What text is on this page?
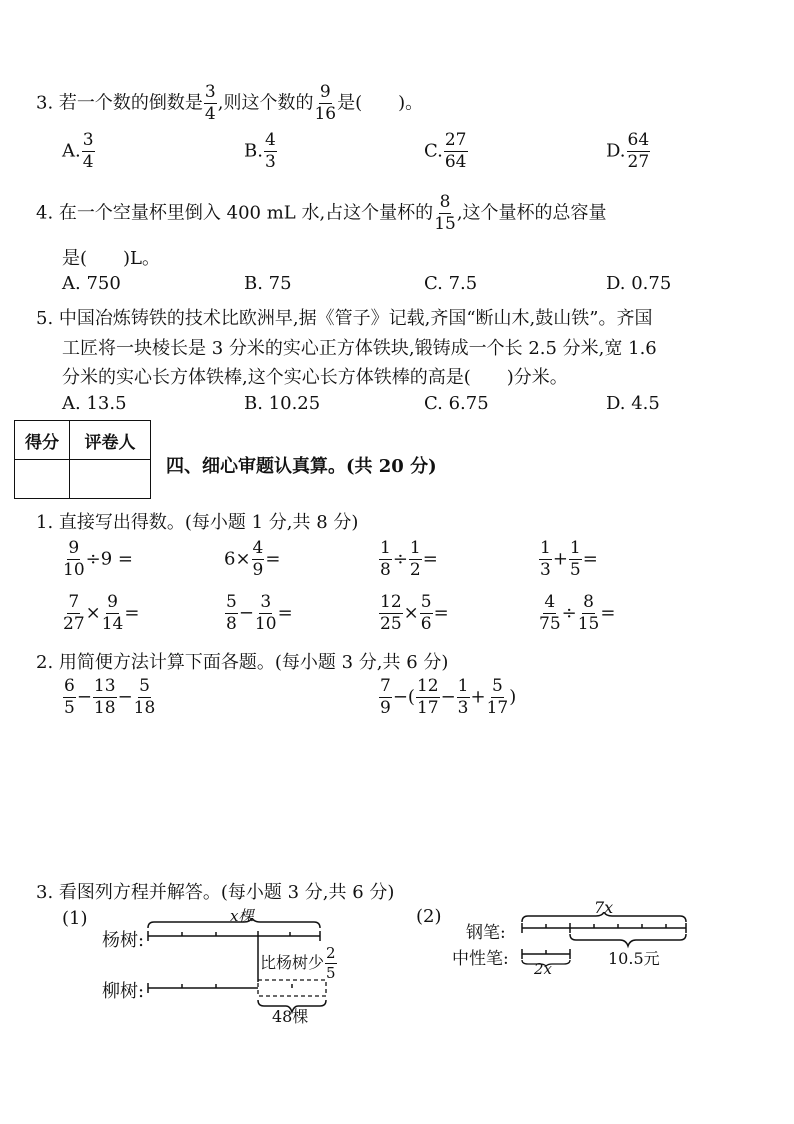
3. 若一个数的倒数是 $\frac{3}{4}$ ,则这个数的 $\frac{9}{16}$ 是(　　)。
A. $\frac{3}{4}$	B. $\frac{4}{3}$	C. $\frac{27}{64}$	D. $\frac{64}{27}$
4. 在一个空量杯里倒入 400 mL 水,占这个量杯的 $\frac{8}{15}$ ,这个量杯的总容量
是(　　)L。
A. 750	B. 75	C. 7.5	D. 0.75
5. 中国冶炼铸铁的技术比欧洲早,据《管子》记载,齐国“断山木,鼓山铁”。齐国
工匠将一块棱长是 3 分米的实心正方体铁块,锻铸成一个长 2.5 分米,宽 1.6
分米的实心长方体铁棒,这个实心长方体铁棒的高是(　　)分米。
A. 13.5	B. 10.25	C. 6.75	D. 4.5
得分	评卷人

四、细心审题认真算。(共 20 分)
1. 直接写出得数。(每小题 1 分,共 8 分)
$\frac{9}{10} \div 9$ =	$6\times \frac{4}{9}$ =	$\frac{1}{8} \div \frac{1}{2}$ =	$\frac{1}{3} + \frac{1}{5}$ =
$\frac{7}{27} \times \frac{9}{14}$ =	$\frac{5}{8} - \frac{3}{10}$ =	$\frac{12}{25} \times \frac{5}{6}$ =	$\frac{4}{75} \div \frac{8}{15}$ =
2. 用简便方法计算下面各题。(每小题 3 分,共 6 分)
$\frac{6}{5} - \frac{13}{18} - \frac{5}{18}$	$\frac{7}{9}$ −( $\frac{12}{17} - \frac{1}{3} + \frac{5}{17}$ )
3. 看图列方程并解答。(每小题 3 分,共 6 分)
(1)
杨树:
柳树:
x棵
比杨树少 $\frac{2}{5}$
48棵
(2)
钢笔:
中性笔:
7x
2x
10.5元
